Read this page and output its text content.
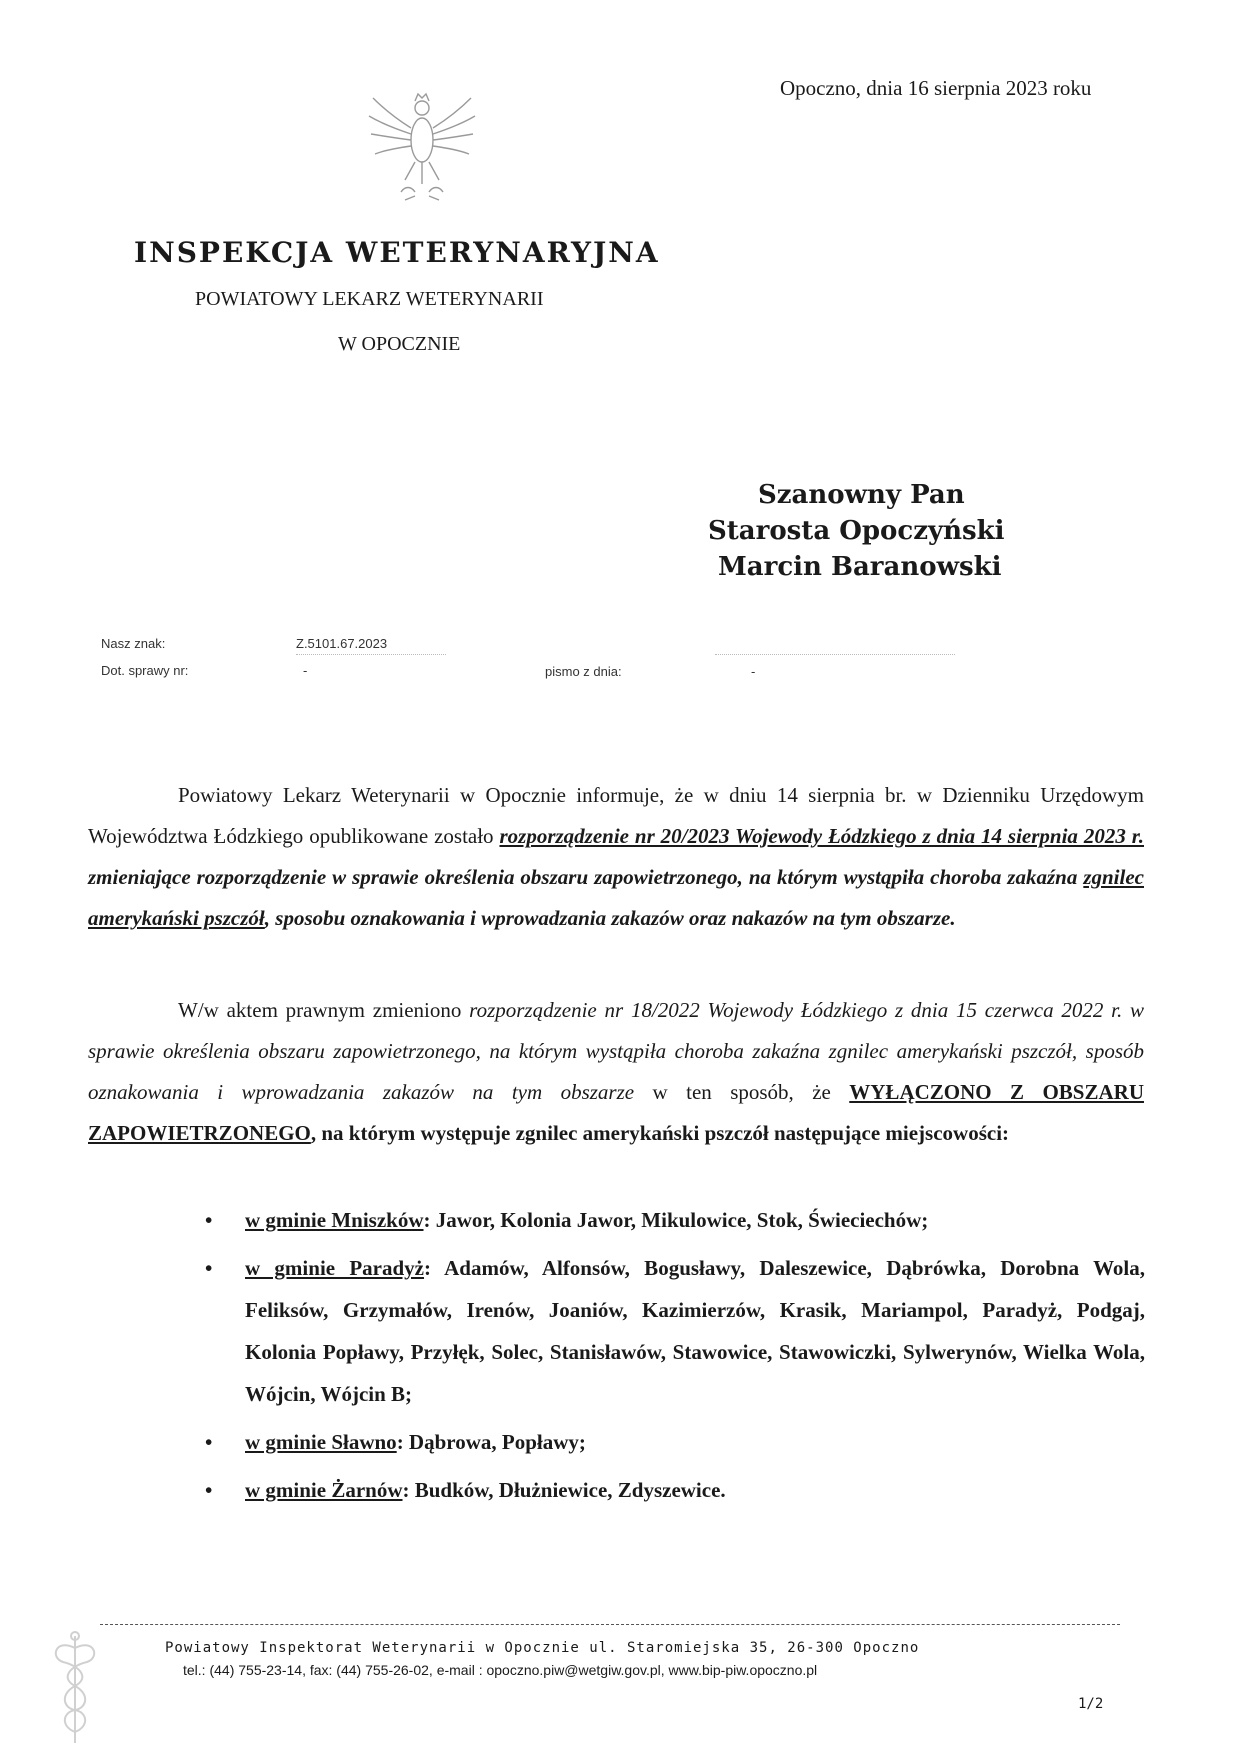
Opoczno, dnia 16 sierpnia 2023 roku
INSPEKCJA WETERYNARYJNA
POWIATOWY LEKARZ WETERYNARII
W OPOCZNIE
Szanowny Pan
Starosta Opoczyński
Marcin Baranowski
Nasz znak:	Z.5101.67.2023
Dot. sprawy nr:	-	pismo z dnia:	-
Powiatowy Lekarz Weterynarii w Opocznie informuje, że w dniu 14 sierpnia br. w Dzienniku Urzędowym Województwa Łódzkiego opublikowane zostało rozporządzenie nr 20/2023 Wojewody Łódzkiego z dnia 14 sierpnia 2023 r. zmieniające rozporządzenie w sprawie określenia obszaru zapowietrzonego, na którym wystąpiła choroba zakaźna zgnilec amerykański pszczół, sposobu oznakowania i wprowadzania zakazów oraz nakazów na tym obszarze.
W/w aktem prawnym zmieniono rozporządzenie nr 18/2022 Wojewody Łódzkiego z dnia 15 czerwca 2022 r. w sprawie określenia obszaru zapowietrzonego, na którym wystąpiła choroba zakaźna zgnilec amerykański pszczół, sposób oznakowania i wprowadzania zakazów na tym obszarze w ten sposób, że WYŁĄCZONO Z OBSZARU ZAPOWIETRZONEGO, na którym występuje zgnilec amerykański pszczół następujące miejscowości:
• w gminie Mniszków: Jawor, Kolonia Jawor, Mikulowice, Stok, Świeciechów;
• w gminie Paradyż: Adamów, Alfonsów, Bogusławy, Daleszewice, Dąbrówka, Dorobna Wola, Feliksów, Grzymałów, Irenów, Joaniów, Kazimierzów, Krasik, Mariampol, Paradyż, Podgaj, Kolonia Popławy, Przyłęk, Solec, Stanisławów, Stawowice, Stawowiczki, Sylwerynów, Wielka Wola, Wójcin, Wójcin B;
• w gminie Sławno: Dąbrowa, Popławy;
• w gminie Żarnów: Budków, Dłużniewice, Zdyszewice.
Powiatowy Inspektorat Weterynarii w Opocznie ul. Staromiejska 35, 26-300 Opoczno
tel.: (44) 755-23-14, fax: (44) 755-26-02, e-mail : opoczno.piw@wetgiw.gov.pl, www.bip-piw.opoczno.pl
1/2
